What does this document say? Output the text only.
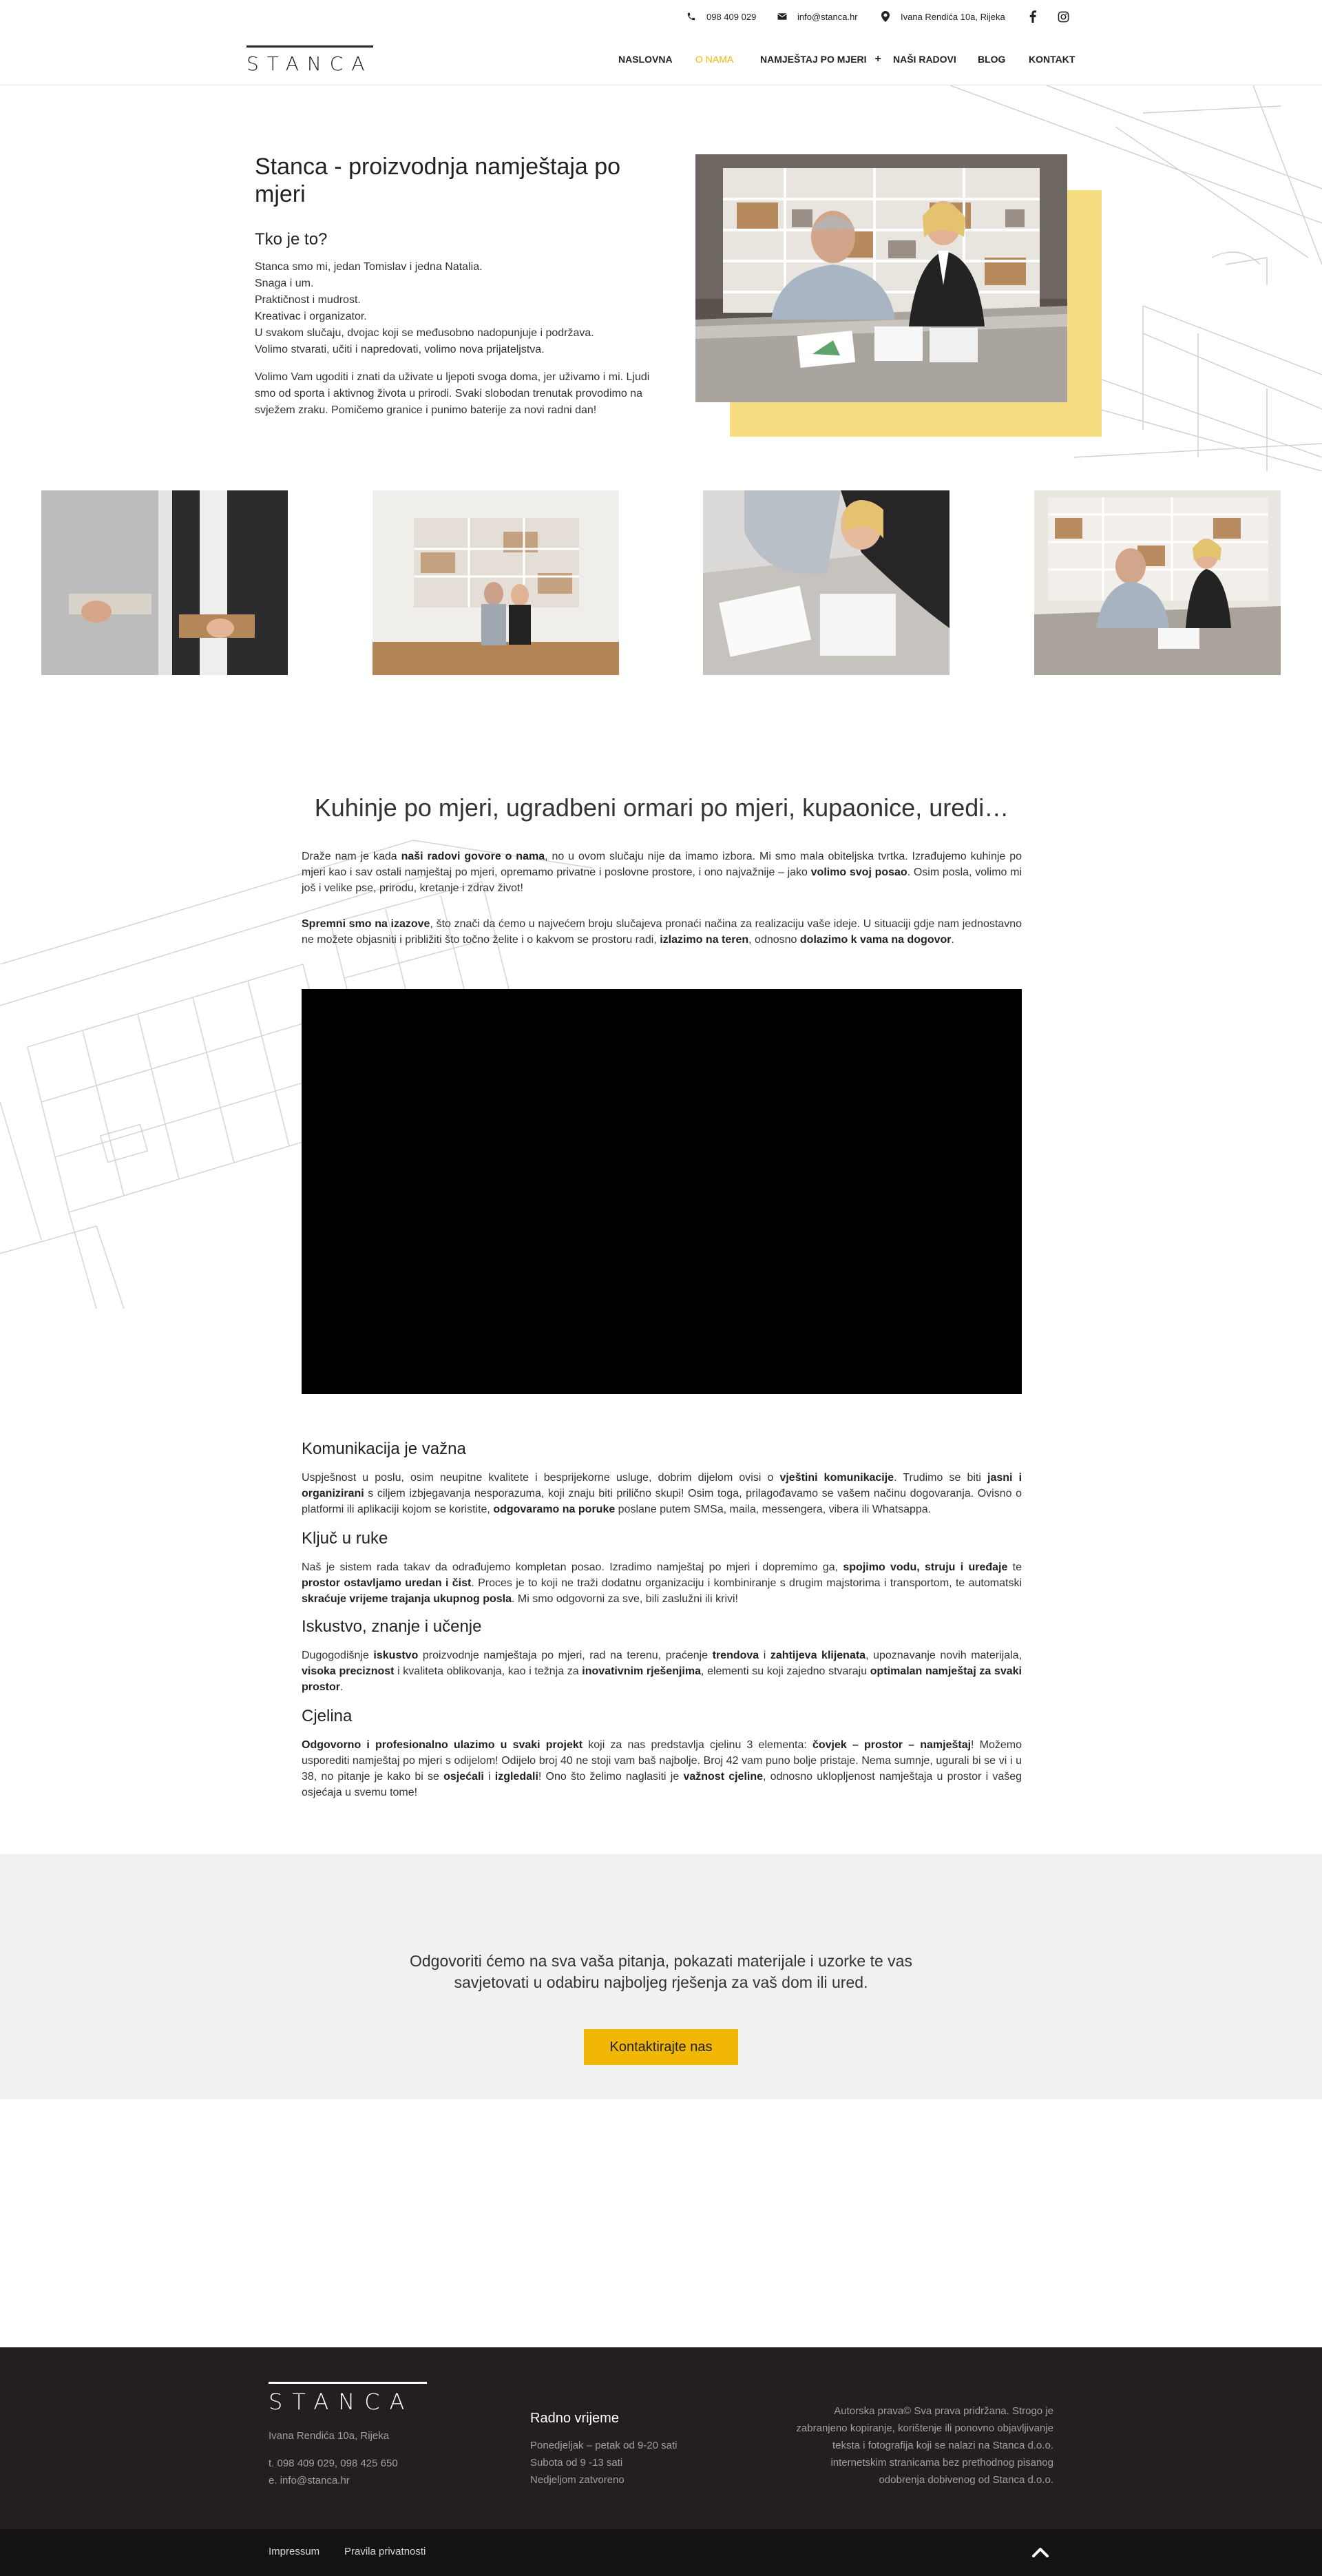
098 409 029	info@stanca.hr	Ivana Rendića 10a, Rijeka
STANCA	NASLOVNA O NAMA	NAMJEŠTAJ PO MJERI + NAŠI RADOVI BLOG KONTAKT
Stanca - proizvodnja namještaja po mjeri
Tko je to?
Stanca smo mi, jedan Tomislav i jedna Natalia.
Snaga i um.
Praktičnost i mudrost.
Kreativac i organizator.
U svakom slučaju, dvojac koji se međusobno nadopunjuje i podržava.
Volimo stvarati, učiti i napredovati, volimo nova prijateljstva.
Volimo Vam ugoditi i znati da uživate u ljepoti svoga doma, jer uživamo i mi. Ljudi smo od sporta i aktivnog života u prirodi. Svaki slobodan trenutak provodimo na svježem zraku. Pomičemo granice i punimo baterije za novi radni dan!
Kuhinje po mjeri, ugradbeni ormari po mjeri, kupaonice, uredi…
Draže nam je kada naši radovi govore o nama, no u ovom slučaju nije da imamo izbora. Mi smo mala obiteljska tvrtka. Izrađujemo kuhinje po mjeri kao i sav ostali namještaj po mjeri, opremamo privatne i poslovne prostore, i ono najvažnije – jako volimo svoj posao. Osim posla, volimo mi još i velike pse, prirodu, kretanje i zdrav život!
Spremni smo na izazove, što znači da ćemo u najvećem broju slučajeva pronaći načina za realizaciju vaše ideje. U situaciji gdje nam jednostavno ne možete objasniti i približiti što točno želite i o kakvom se prostoru radi, izlazimo na teren, odnosno dolazimo k vama na dogovor.
Komunikacija je važna
Uspješnost u poslu, osim neupitne kvalitete i besprijekorne usluge, dobrim dijelom ovisi o vještini komunikacije. Trudimo se biti jasni i organizirani s ciljem izbjegavanja nesporazuma, koji znaju biti prilično skupi! Osim toga, prilagođavamo se vašem načinu dogovaranja. Ovisno o platformi ili aplikaciji kojom se koristite, odgovaramo na poruke poslane putem SMSa, maila, messengera, vibera ili Whatsappa.
Ključ u ruke
Naš je sistem rada takav da odrađujemo kompletan posao. Izradimo namještaj po mjeri i dopremimo ga, spojimo vodu, struju i uređaje te prostor ostavljamo uredan i čist. Proces je to koji ne traži dodatnu organizaciju i kombiniranje s drugim majstorima i transportom, te automatski skraćuje vrijeme trajanja ukupnog posla. Mi smo odgovorni za sve, bili zaslužni ili krivi!
Iskustvo, znanje i učenje
Dugogodišnje iskustvo proizvodnje namještaja po mjeri, rad na terenu, praćenje trendova i zahtijeva klijenata, upoznavanje novih materijala, visoka preciznost i kvaliteta oblikovanja, kao i težnja za inovativnim rješenjima, elementi su koji zajedno stvaraju optimalan namještaj za svaki prostor.
Cjelina
Odgovorno i profesionalno ulazimo u svaki projekt koji za nas predstavlja cjelinu 3 elementa: čovjek – prostor – namještaj! Možemo usporediti namještaj po mjeri s odijelom! Odijelo broj 40 ne stoji vam baš najbolje. Broj 42 vam puno bolje pristaje. Nema sumnje, ugurali bi se vi i u 38, no pitanje je kako bi se osjećali i izgledali! Ono što želimo naglasiti je važnost cjeline, odnosno uklopljenost namještaja u prostor i vašeg osjećaja u svemu tome!
Odgovoriti ćemo na sva vaša pitanja, pokazati materijale i uzorke te vas savjetovati u odabiru najboljeg rješenja za vaš dom ili ured.
Kontaktirajte nas
STANCA
Ivana Rendića 10a, Rijeka
t. 098 409 029, 098 425 650
e. info@stanca.hr
Radno vrijeme
Ponedjeljak – petak od 9-20 sati
Subota od 9 -13 sati
Nedjeljom zatvoreno
Autorska prava© Sva prava pridržana. Strogo je
zabranjeno kopiranje, korištenje ili ponovno objavljivanje
teksta i fotografija koji se nalazi na Stanca d.o.o.
internetskim stranicama bez prethodnog pisanog
odobrenja dobivenog od Stanca d.o.o.
Impressum Pravila privatnosti
